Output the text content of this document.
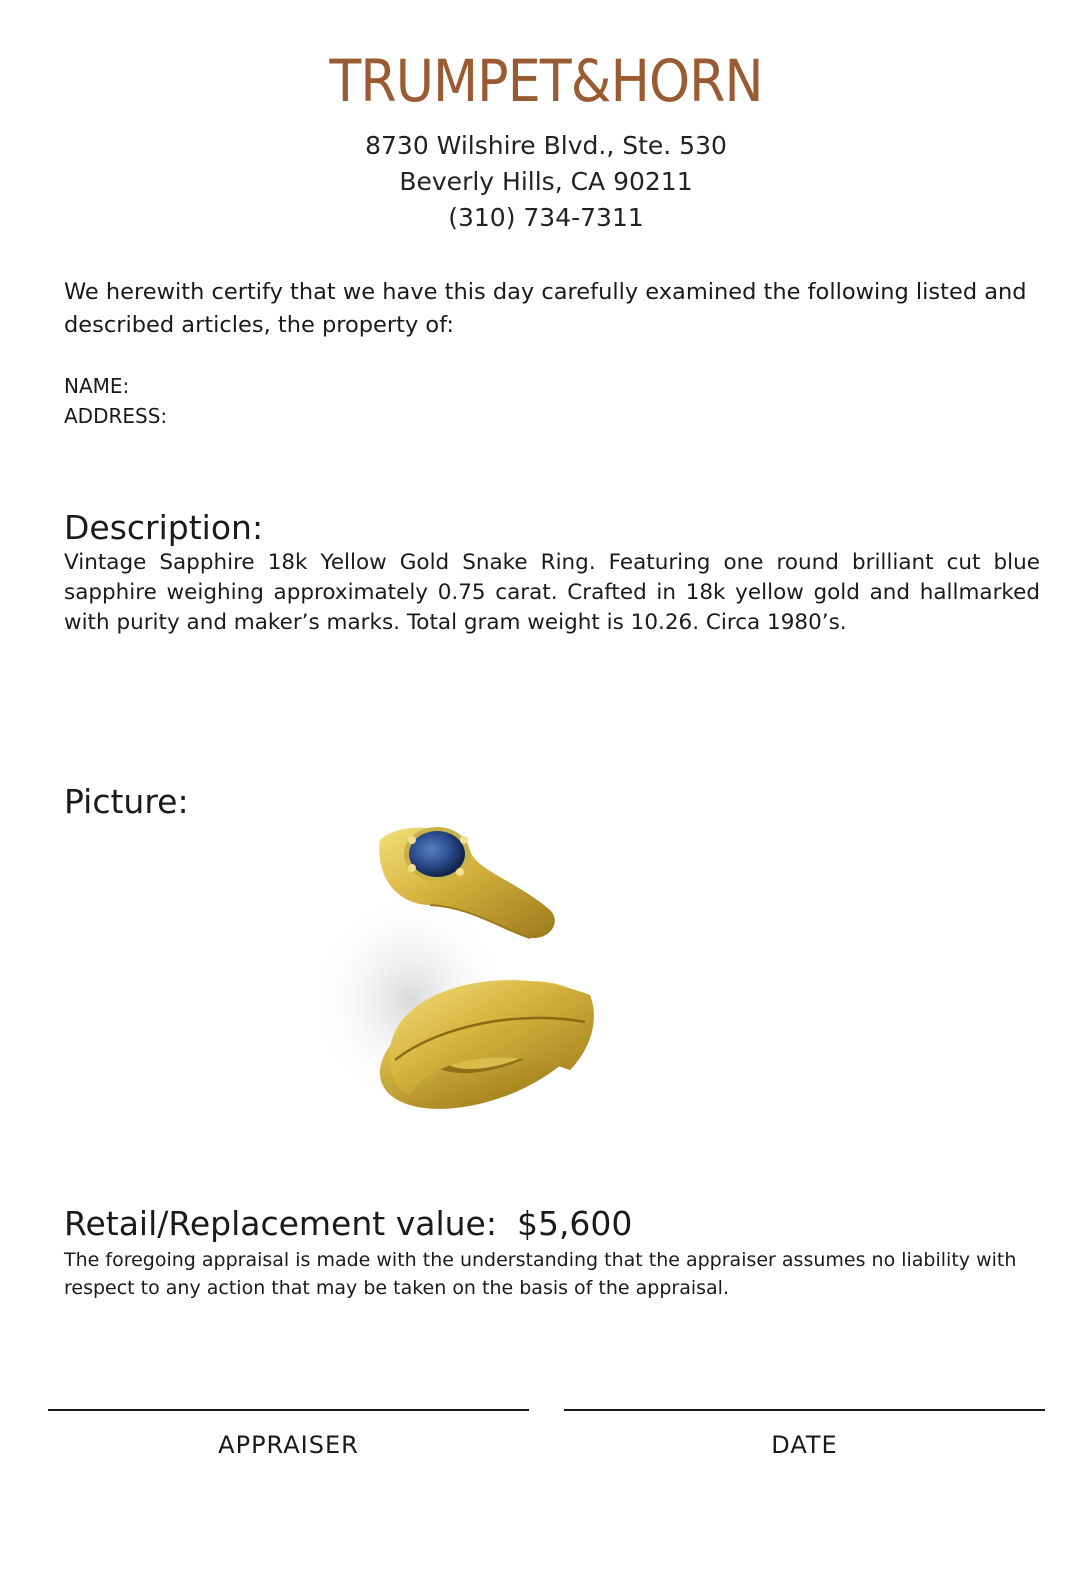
TRUMPET&HORN
8730 Wilshire Blvd., Ste. 530
Beverly Hills, CA 90211
(310) 734-7311
We herewith certify that we have this day carefully examined the following listed and described articles, the property of:
NAME:
ADDRESS:
Description:
Vintage Sapphire 18k Yellow Gold Snake Ring. Featuring one round brilliant cut blue sapphire weighing approximately 0.75 carat. Crafted in 18k yellow gold and hallmarked with purity and maker’s marks. Total gram weight is 10.26. Circa 1980’s.
Picture:
Retail/Replacement value: $5,600
The foregoing appraisal is made with the understanding that the appraiser assumes no liability with respect to any action that may be taken on the basis of the appraisal.
APPRAISER	DATE
